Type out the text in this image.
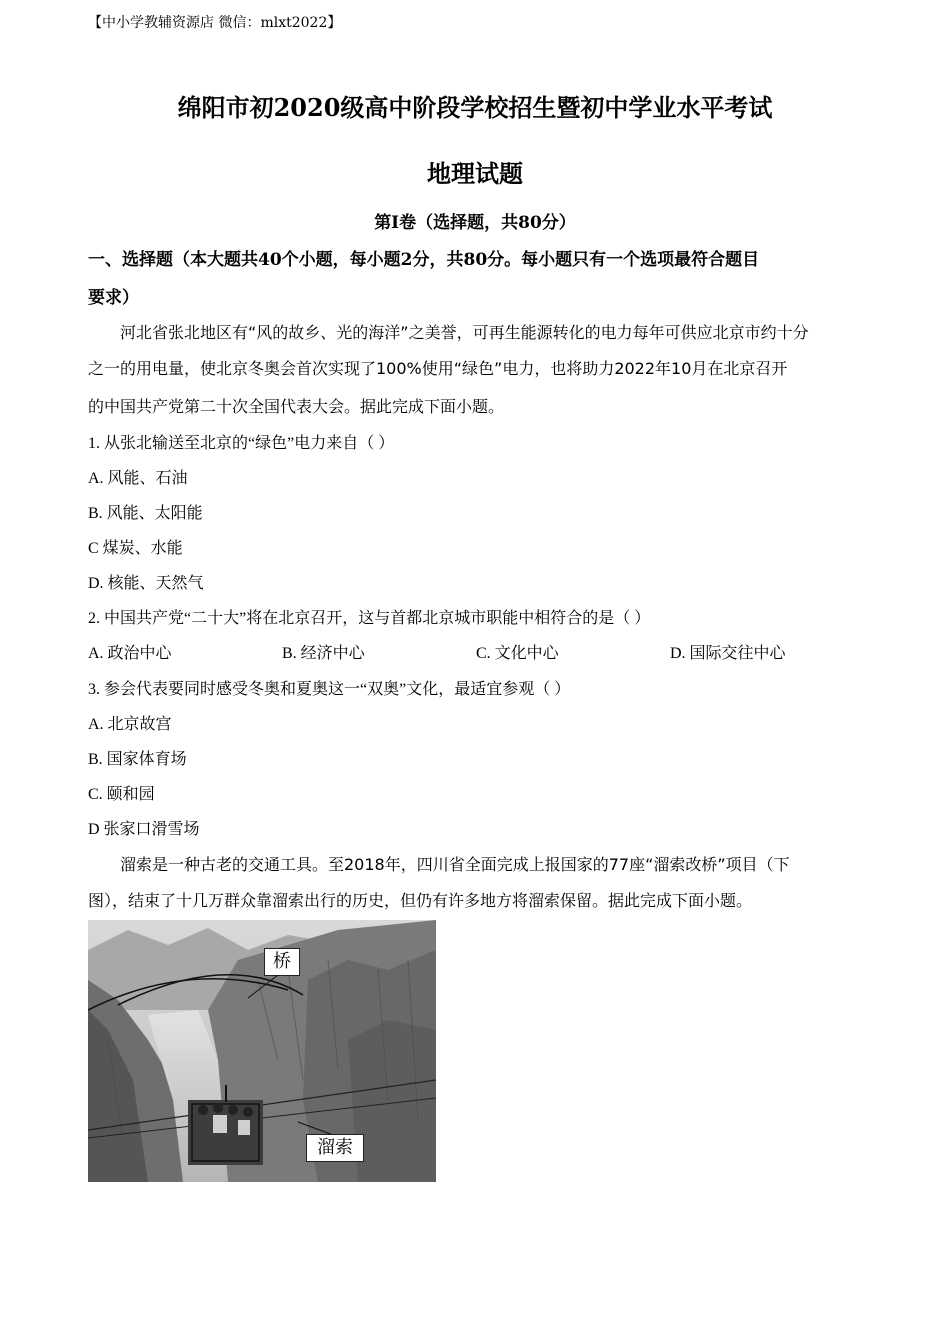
【中小学教辅资源店 微信：mlxt2022】
绵阳市初2020级高中阶段学校招生暨初中学业水平考试
地理试题
第Ⅰ卷（选择题，共80分）
一、选择题（本大题共40个小题，每小题2分，共80分。每小题只有一个选项最符合题目
要求）
河北省张北地区有“风的故乡、光的海洋”之美誉，可再生能源转化的电力每年可供应北京市约十分
之一的用电量，使北京冬奥会首次实现了100%使用“绿色”电力，也将助力2022年10月在北京召开
的中国共产党第二十次全国代表大会。据此完成下面小题。
1. 从张北输送至北京的“绿色”电力来自（ ）
A. 风能、石油
B. 风能、太阳能
C 煤炭、水能
D. 核能、天然气
2. 中国共产党“二十大”将在北京召开，这与首都北京城市职能中相符合的是（ ）
A. 政治中心	B. 经济中心	C. 文化中心	D. 国际交往中心
3. 参会代表要同时感受冬奥和夏奥这一“双奥”文化，最适宜参观（ ）
A. 北京故宫
B. 国家体育场
C. 颐和园
D 张家口滑雪场
溜索是一种古老的交通工具。至2018年，四川省全面完成上报国家的77座“溜索改桥”项目（下
图），结束了十几万群众靠溜索出行的历史，但仍有许多地方将溜索保留。据此完成下面小题。
桥
溜索
